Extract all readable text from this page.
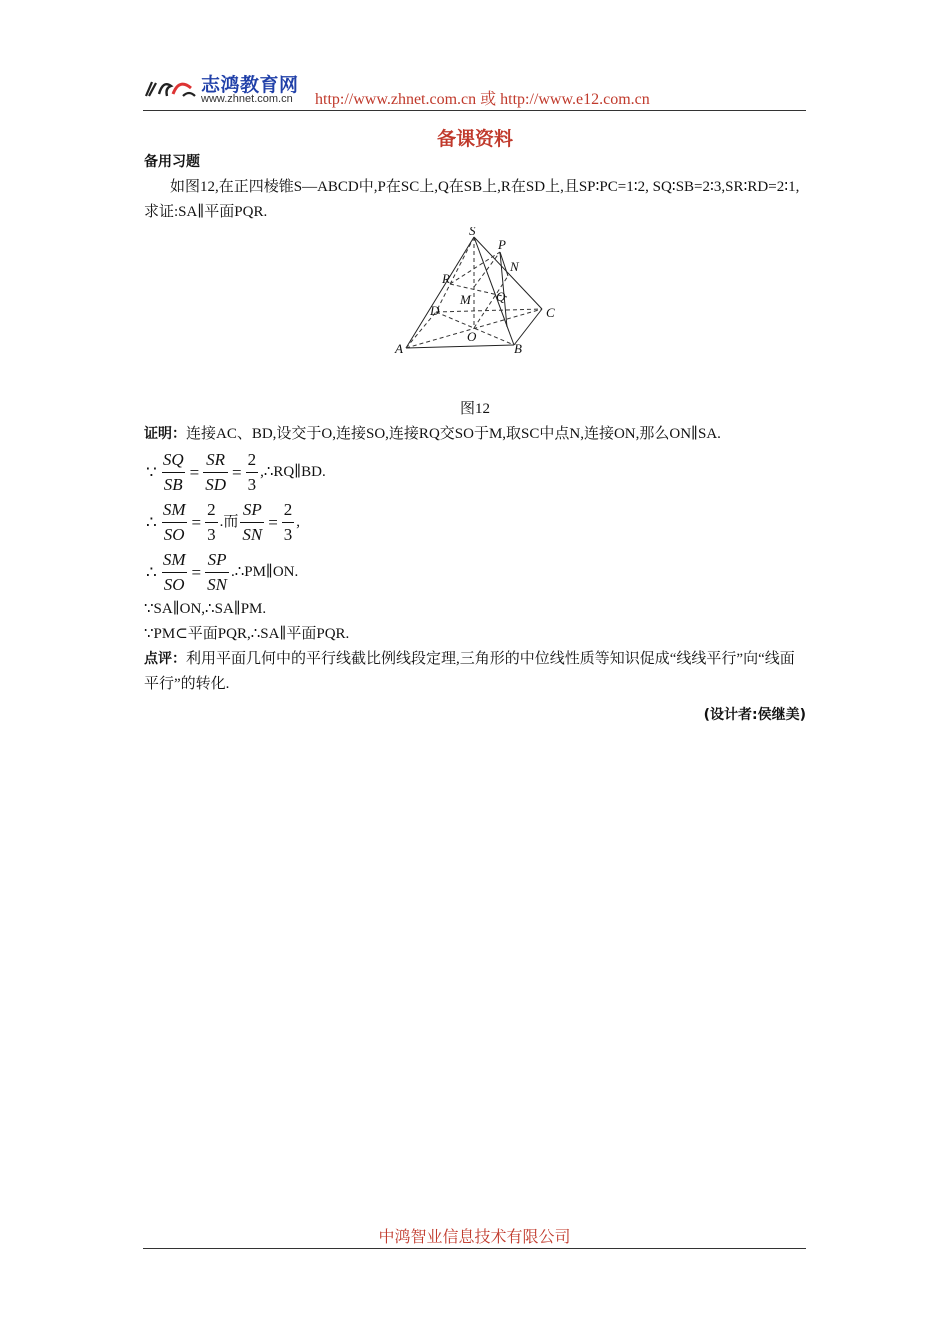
志鸿教育网
www.zhnet.com.cn http://www.zhnet.com.cn 或 http://www.e12.com.cn
备课资料

备用习题

如图12,在正四棱锥S—ABCD中,P在SC上,Q在SB上,R在SD上,且SP∶PC=1∶2, SQ∶SB=2∶3,SR∶RD=2∶1,求证:SA∥平面PQR.

S
P
N
R
M Q
D	C
O
A	B

图12

证明：连接AC、BD,设交于O,连接SO,连接RQ交SO于M,取SC中点N,连接ON,那么ON∥SA.

∵ $\frac{SQ}{SB} = \frac{SR}{SD} = \frac{2}{3}$ ,∴RQ∥BD.
∴ $\frac{SM}{SO} = \frac{2}{3}$ .而 $\frac{SP}{SN} = \frac{2}{3}$ ,
∴ $\frac{SM}{SO} = \frac{SP}{SN}$ .∴PM∥ON.

∵SA∥ON,∴SA∥PM.

∵PM⊂平面PQR,∴SA∥平面PQR.

点评：利用平面几何中的平行线截比例线段定理,三角形的中位线性质等知识促成“线线平行”向“线面平行”的转化.

(设计者:侯继美)
中鸿智业信息技术有限公司
